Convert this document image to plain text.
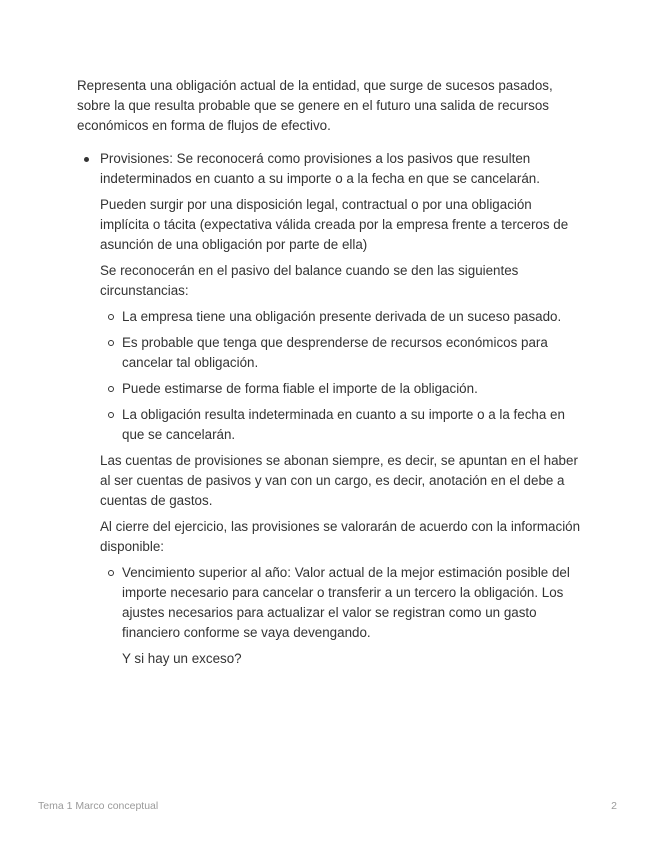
Representa una obligación actual de la entidad, que surge de sucesos pasados, sobre la que resulta probable que se genere en el futuro una salida de recursos económicos en forma de flujos de efectivo.

Provisiones: Se reconocerá como provisiones a los pasivos que resulten indeterminados en cuanto a su importe o a la fecha en que se cancelarán.

Pueden surgir por una disposición legal, contractual o por una obligación implícita o tácita (expectativa válida creada por la empresa frente a terceros de asunción de una obligación por parte de ella)

Se reconocerán en el pasivo del balance cuando se den las siguientes circunstancias:

La empresa tiene una obligación presente derivada de un suceso pasado.
Es probable que tenga que desprenderse de recursos económicos para cancelar tal obligación.
Puede estimarse de forma fiable el importe de la obligación.
La obligación resulta indeterminada en cuanto a su importe o a la fecha en que se cancelarán.

Las cuentas de provisiones se abonan siempre, es decir, se apuntan en el haber al ser cuentas de pasivos y van con un cargo, es decir, anotación en el debe a cuentas de gastos.

Al cierre del ejercicio, las provisiones se valorarán de acuerdo con la información disponible:

Vencimiento superior al año: Valor actual de la mejor estimación posible del importe necesario para cancelar o transferir a un tercero la obligación. Los ajustes necesarios para actualizar el valor se registran como un gasto financiero conforme se vaya devengando.

Y si hay un exceso?

Tema 1 Marco conceptual	2
